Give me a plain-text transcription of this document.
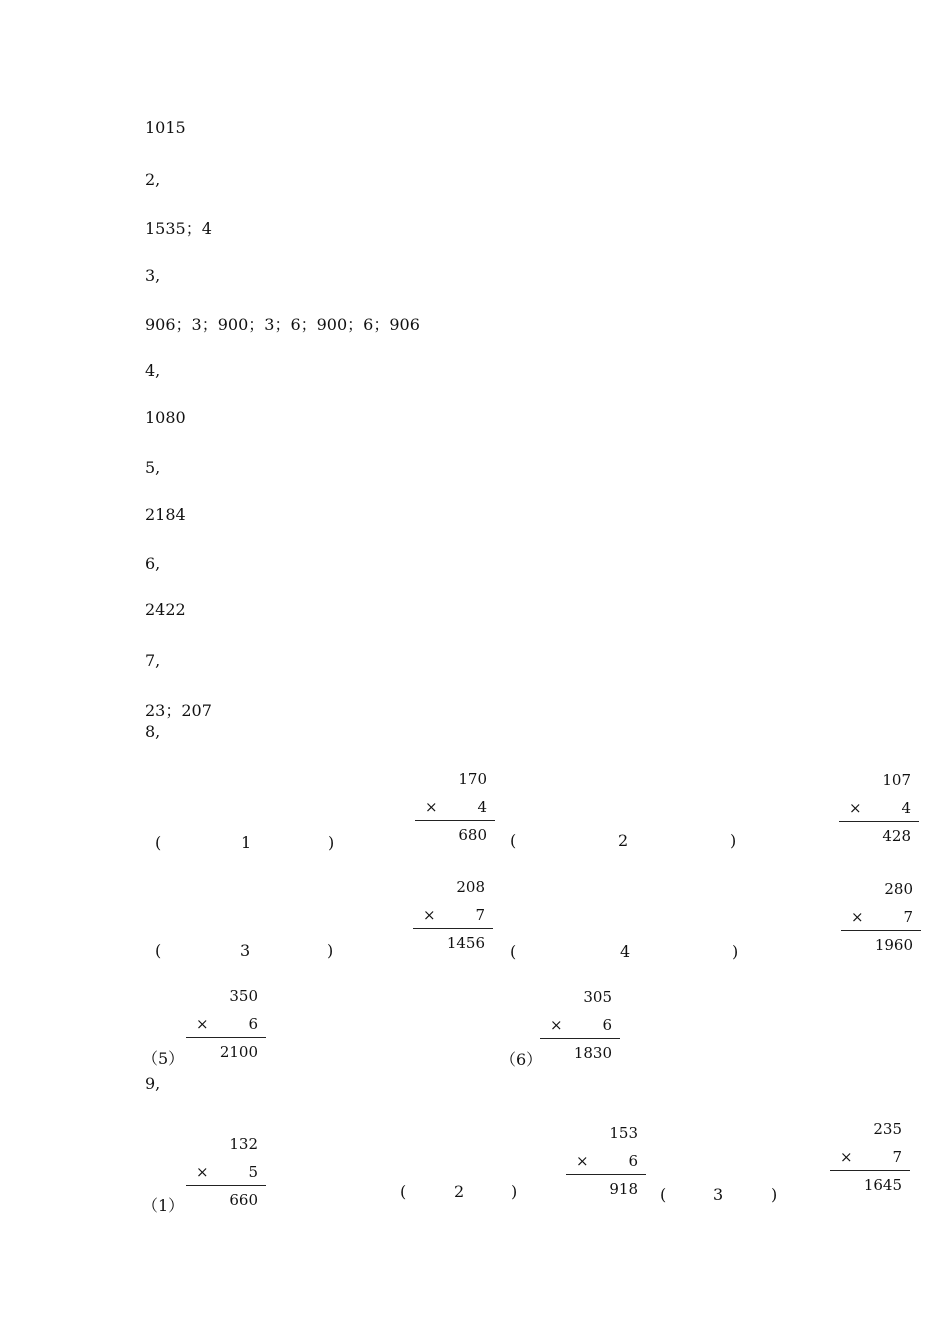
1015
2,
1535；4
3,
906；3；900；3；6；900；6；906
4,
1080
5,
2184
6,
2422
7,
23；207
8,
(	1	)
170
×	4
680 (	2	)
107
×	4
428
(	3	)
208
×	7
1456 (	4	)
280
×	7
1960
（5）
350
×	6
2100	（6）
305
×	6
1830
9,
（1）
132
×	5
660	(	2	)
153
×	6
918 (	3	)
235
×	7
1645
